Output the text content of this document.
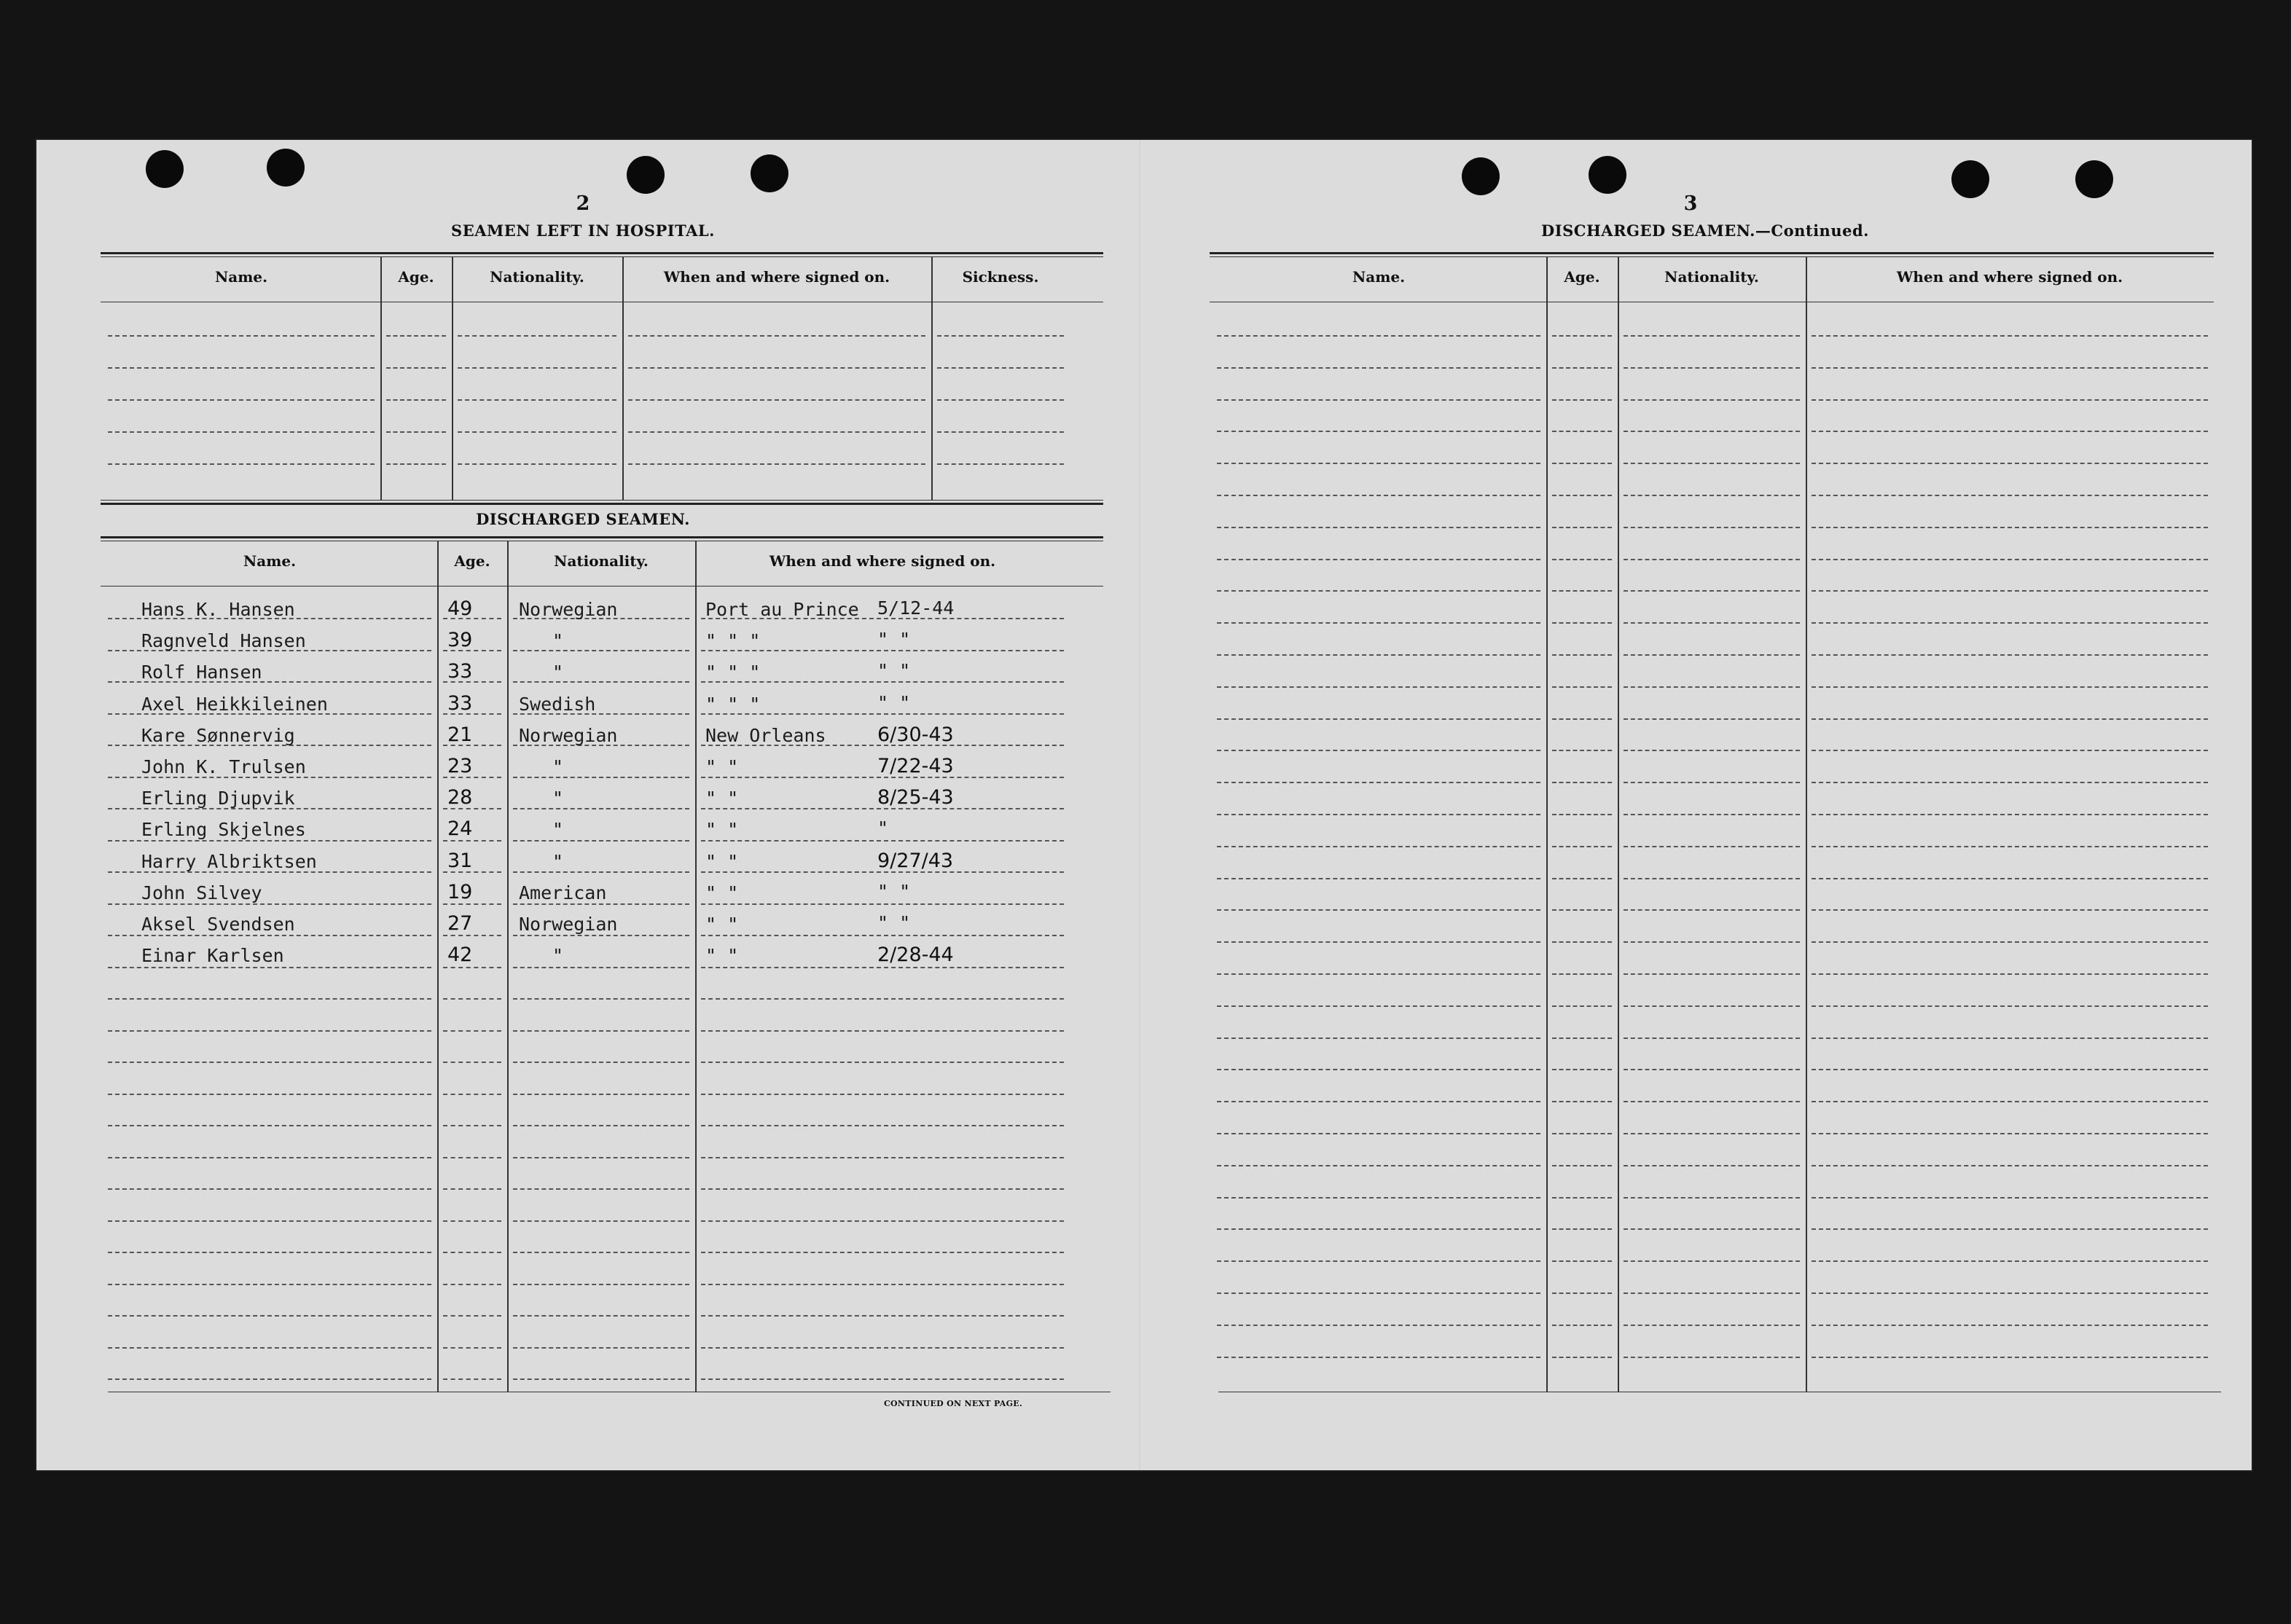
2
SEAMEN LEFT IN HOSPITAL.
DISCHARGED SEAMEN.
CONTINUED ON NEXT PAGE.
3
DISCHARGED SEAMEN.—Continued.
Name.	Age.	Nationality.	When and where signed on.	Sickness.
Name.	Age.	Nationality.	When and where signed on.
Name.	Age.	Nationality.	When and where signed on.
Hans K. Hansen	49	Norwegian	Port au Prince 5/12-44
Ragnveld Hansen	39	"	" " "	" "
Rolf Hansen	33	"	" " "	" "
Axel Heikkileinen	33	Swedish	" " "	" "
Kare Sønnervig	21	Norwegian	New Orleans	6/30-43
John K. Trulsen	23	"	" "	7/22-43
Erling Djupvik	28	"	" "	8/25-43
Erling Skjelnes	24	"	" "	"
Harry Albriktsen	31	"	" "	9/27/43
John Silvey	19	American	" "	" "
Aksel Svendsen	27	Norwegian	" "	" "
Einar Karlsen	42	"	" "	2/28-44
